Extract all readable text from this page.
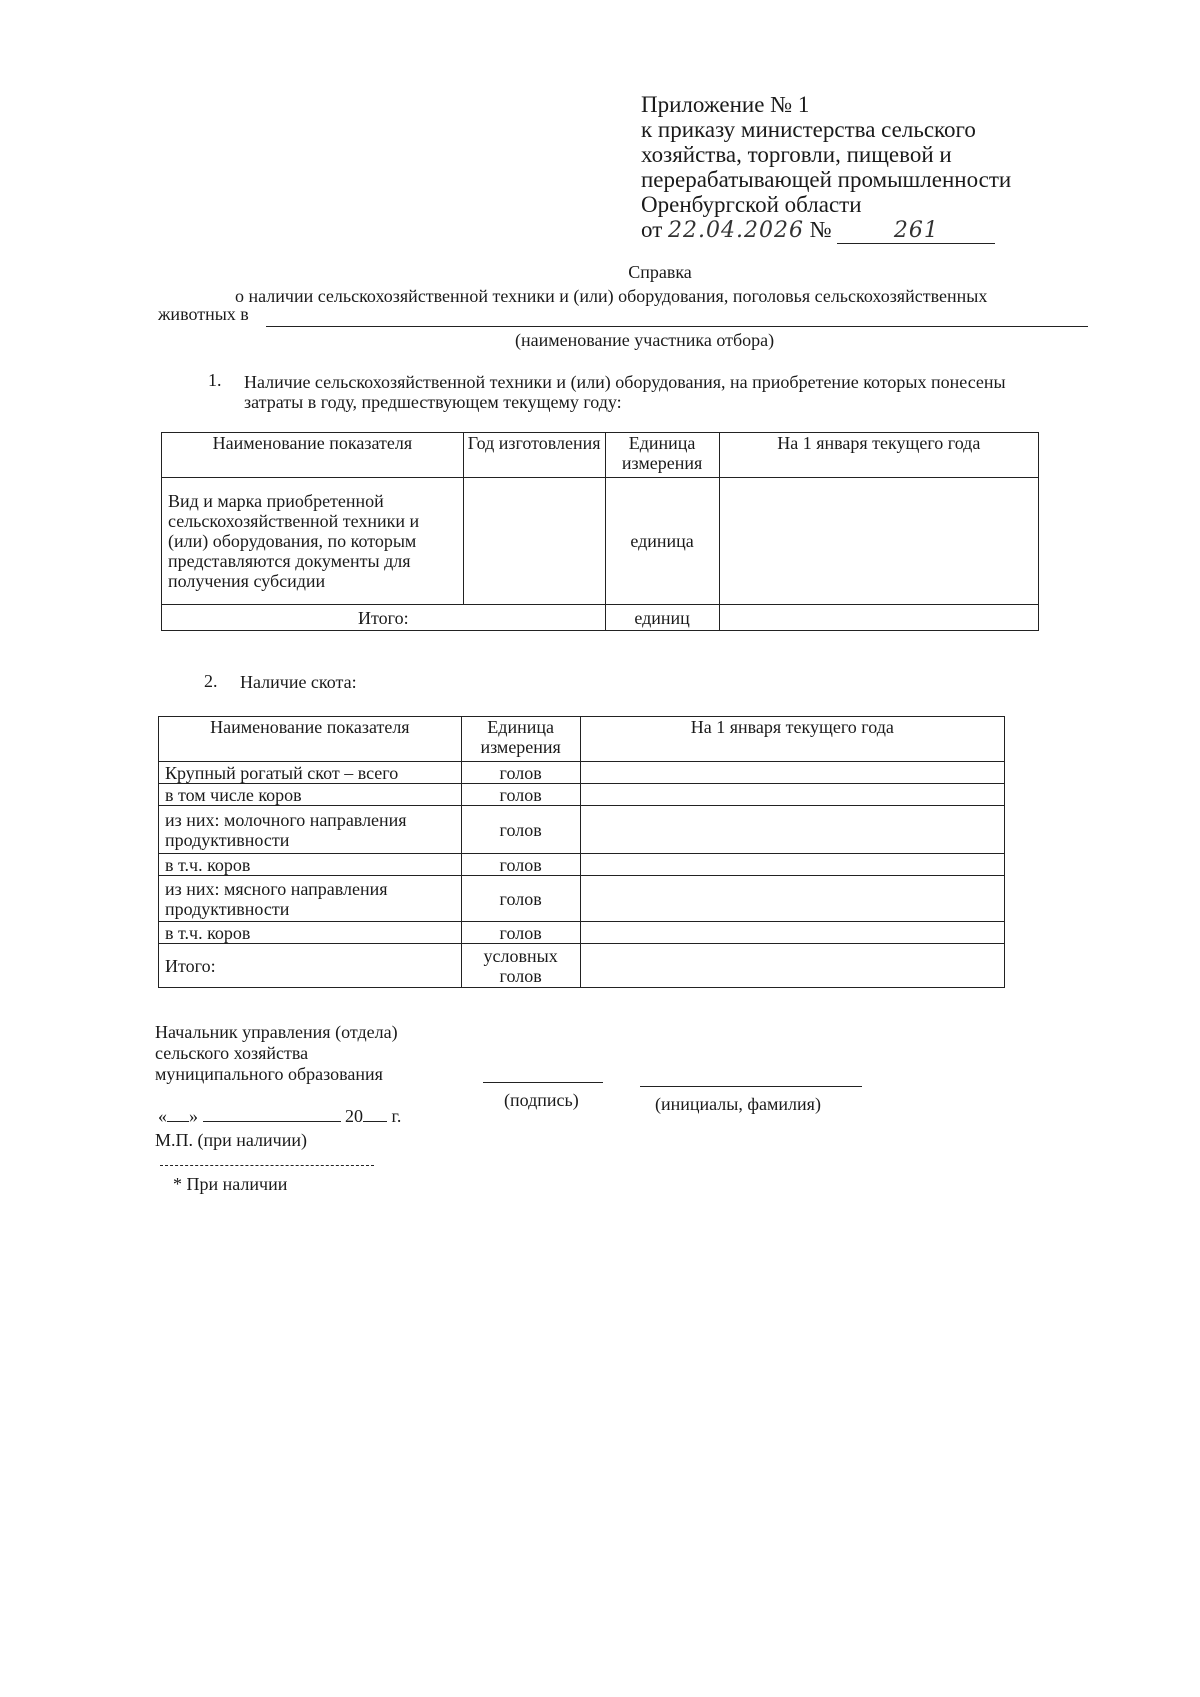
Приложение № 1
к приказу министерства сельского
хозяйства, торговли, пищевой и
перерабатывающей промышленности
Оренбургской области
от 22.04.2026 №	261
Справка
о наличии сельскохозяйственной техники и (или) оборудования, поголовья сельскохозяйственных
животных в
(наименование участника отбора)
1. Наличие сельскохозяйственной техники и (или) оборудования, на приобретение которых понесены
затраты в году, предшествующем текущему году:
Наименование показателя	Год изготовления	Единица измерения	На 1 января текущего года
Вид и марка приобретенной сельскохозяйственной техники и (или) оборудования, по которым представляются документы для получения субсидии		единица	
Итого:		единиц	
2. Наличие скота:
Наименование показателя	Единица измерения	На 1 января текущего года
Крупный рогатый скот – всего	голов	
в том числе коров	голов	
из них: молочного направления продуктивности	голов	
в т.ч. коров	голов	
из них: мясного направления продуктивности	голов	
в т.ч. коров	голов	
Итого:	условных голов	
Начальник управления (отдела)
сельского хозяйства
муниципального образования
(подпись)	(инициалы, фамилия)
« »	20 г.
М.П. (при наличии)
* При наличии
